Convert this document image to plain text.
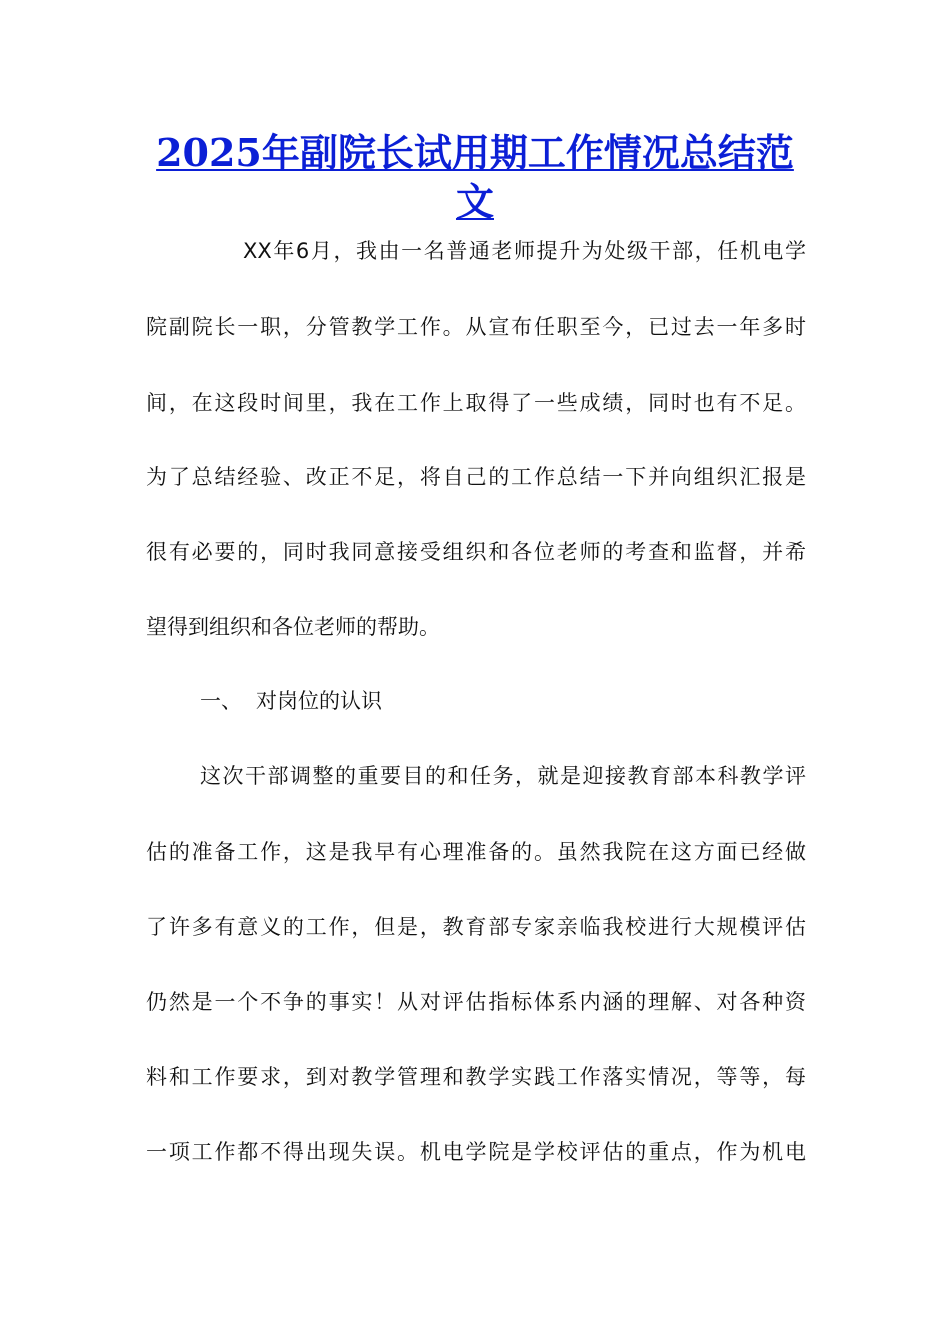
2025年副院长试用期工作情况总结范文
XX年6月，我由一名普通老师提升为处级干部，任机电学
院副院长一职，分管教学工作。从宣布任职至今，已过去一年多时
间，在这段时间里，我在工作上取得了一些成绩，同时也有不足。
为了总结经验、改正不足，将自己的工作总结一下并向组织汇报是
很有必要的，同时我同意接受组织和各位老师的考查和监督，并希
望得到组织和各位老师的帮助。
一、 对岗位的认识
这次干部调整的重要目的和任务，就是迎接教育部本科教学评
估的准备工作，这是我早有心理准备的。虽然我院在这方面已经做
了许多有意义的工作，但是，教育部专家亲临我校进行大规模评估
仍然是一个不争的事实！从对评估指标体系内涵的理解、对各种资
料和工作要求，到对教学管理和教学实践工作落实情况，等等，每
一项工作都不得出现失误。机电学院是学校评估的重点，作为机电
